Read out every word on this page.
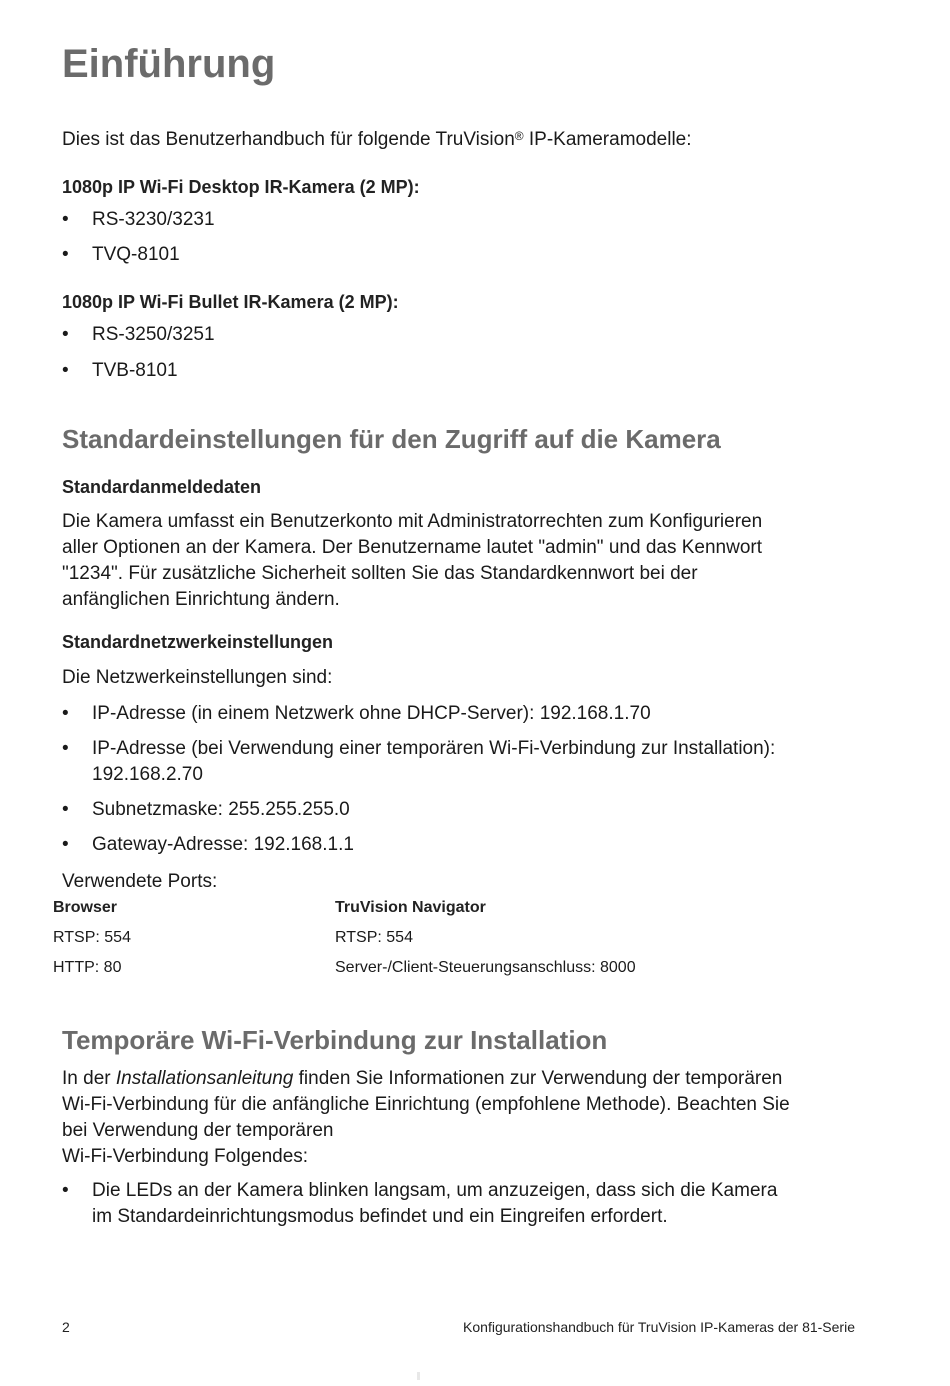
Einführung
Dies ist das Benutzerhandbuch für folgende TruVision® IP-Kameramodelle:
1080p IP Wi-Fi Desktop IR-Kamera (2 MP):
•	RS-3230/3231
•	TVQ-8101
1080p IP Wi-Fi Bullet IR-Kamera (2 MP):
•	RS-3250/3251
•	TVB-8101
Standardeinstellungen für den Zugriff auf die Kamera
Standardanmeldedaten
Die Kamera umfasst ein Benutzerkonto mit Administratorrechten zum Konfigurieren
aller Optionen an der Kamera. Der Benutzername lautet "admin" und das Kennwort
"1234". Für zusätzliche Sicherheit sollten Sie das Standardkennwort bei der
anfänglichen Einrichtung ändern.
Standardnetzwerkeinstellungen
Die Netzwerkeinstellungen sind:
•	IP-Adresse (in einem Netzwerk ohne DHCP-Server): 192.168.1.70
•	IP-Adresse (bei Verwendung einer temporären Wi-Fi-Verbindung zur Installation):
192.168.2.70
•	Subnetzmaske: 255.255.255.0
•	Gateway-Adresse: 192.168.1.1
Verwendete Ports:
Browser	TruVision Navigator
RTSP: 554	RTSP: 554
HTTP: 80	Server-/Client-Steuerungsanschluss: 8000
Temporäre Wi-Fi-Verbindung zur Installation
In der Installationsanleitung finden Sie Informationen zur Verwendung der temporären
Wi-Fi-Verbindung für die anfängliche Einrichtung (empfohlene Methode). Beachten Sie
bei Verwendung der temporären
Wi-Fi-Verbindung Folgendes:
•	Die LEDs an der Kamera blinken langsam, um anzuzeigen, dass sich die Kamera
im Standardeinrichtungsmodus befindet und ein Eingreifen erfordert.
2	Konfigurationshandbuch für TruVision IP-Kameras der 81-Serie
